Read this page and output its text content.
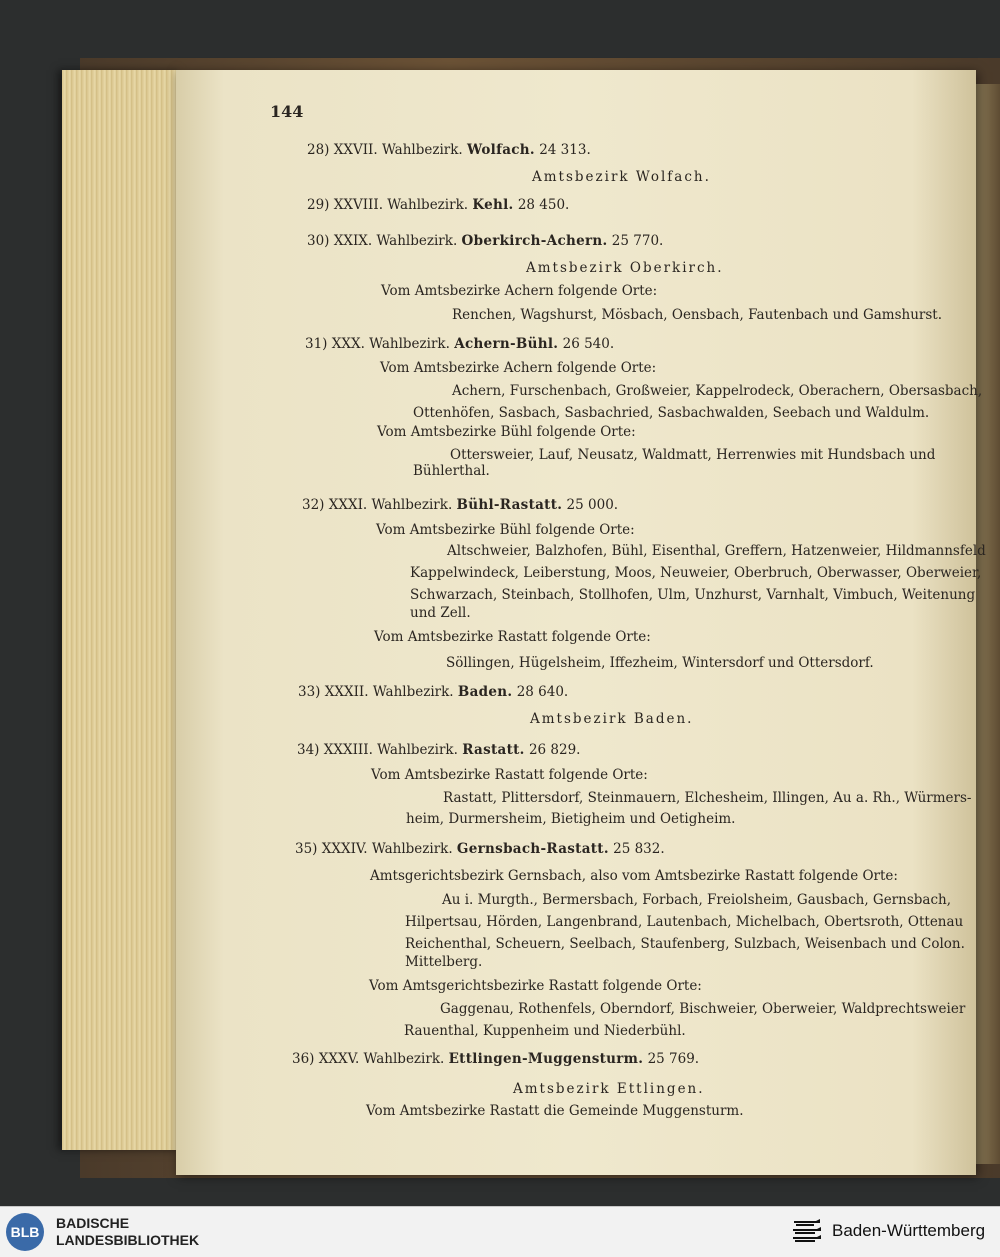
144
28) XXVII. Wahlbezirk. Wolfach. 24 313.
Amtsbezirk Wolfach.
29) XXVIII. Wahlbezirk. Kehl. 28 450.
30) XXIX. Wahlbezirk. Oberkirch-Achern. 25 770.
Amtsbezirk Oberkirch.
Vom Amtsbezirke Achern folgende Orte:
Renchen, Wagshurst, Mösbach, Oensbach, Fautenbach und Gamshurst.
31) XXX. Wahlbezirk. Achern-Bühl. 26 540.
Vom Amtsbezirke Achern folgende Orte:
Achern, Furschenbach, Großweier, Kappelrodeck, Oberachern, Obersasbach,
Ottenhöfen, Sasbach, Sasbachried, Sasbachwalden, Seebach und Waldulm.
Vom Amtsbezirke Bühl folgende Orte:
Ottersweier, Lauf, Neusatz, Waldmatt, Herrenwies mit Hundsbach und
Bühlerthal.
32) XXXI. Wahlbezirk. Bühl-Rastatt. 25 000.
Vom Amtsbezirke Bühl folgende Orte:
Altschweier, Balzhofen, Bühl, Eisenthal, Greffern, Hatzenweier, Hildmannsfeld
Kappelwindeck, Leiberstung, Moos, Neuweier, Oberbruch, Oberwasser, Oberweier,
Schwarzach, Steinbach, Stollhofen, Ulm, Unzhurst, Varnhalt, Vimbuch, Weitenung
und Zell.
Vom Amtsbezirke Rastatt folgende Orte:
Söllingen, Hügelsheim, Iffezheim, Wintersdorf und Ottersdorf.
33) XXXII. Wahlbezirk. Baden. 28 640.
Amtsbezirk Baden.
34) XXXIII. Wahlbezirk. Rastatt. 26 829.
Vom Amtsbezirke Rastatt folgende Orte:
Rastatt, Plittersdorf, Steinmauern, Elchesheim, Illingen, Au a. Rh., Würmers-
heim, Durmersheim, Bietigheim und Oetigheim.
35) XXXIV. Wahlbezirk. Gernsbach-Rastatt. 25 832.
Amtsgerichtsbezirk Gernsbach, also vom Amtsbezirke Rastatt folgende Orte:
Au i. Murgth., Bermersbach, Forbach, Freiolsheim, Gausbach, Gernsbach,
Hilpertsau, Hörden, Langenbrand, Lautenbach, Michelbach, Obertsroth, Ottenau
Reichenthal, Scheuern, Seelbach, Staufenberg, Sulzbach, Weisenbach und Colon.
Mittelberg.
Vom Amtsgerichtsbezirke Rastatt folgende Orte:
Gaggenau, Rothenfels, Oberndorf, Bischweier, Oberweier, Waldprechtsweier
Rauenthal, Kuppenheim und Niederbühl.
36) XXXV. Wahlbezirk. Ettlingen-Muggensturm. 25 769.
Amtsbezirk Ettlingen.
Vom Amtsbezirke Rastatt die Gemeinde Muggensturm.
BLB
BADISCHE
LANDESBIBLIOTHEK	Baden-Württemberg
